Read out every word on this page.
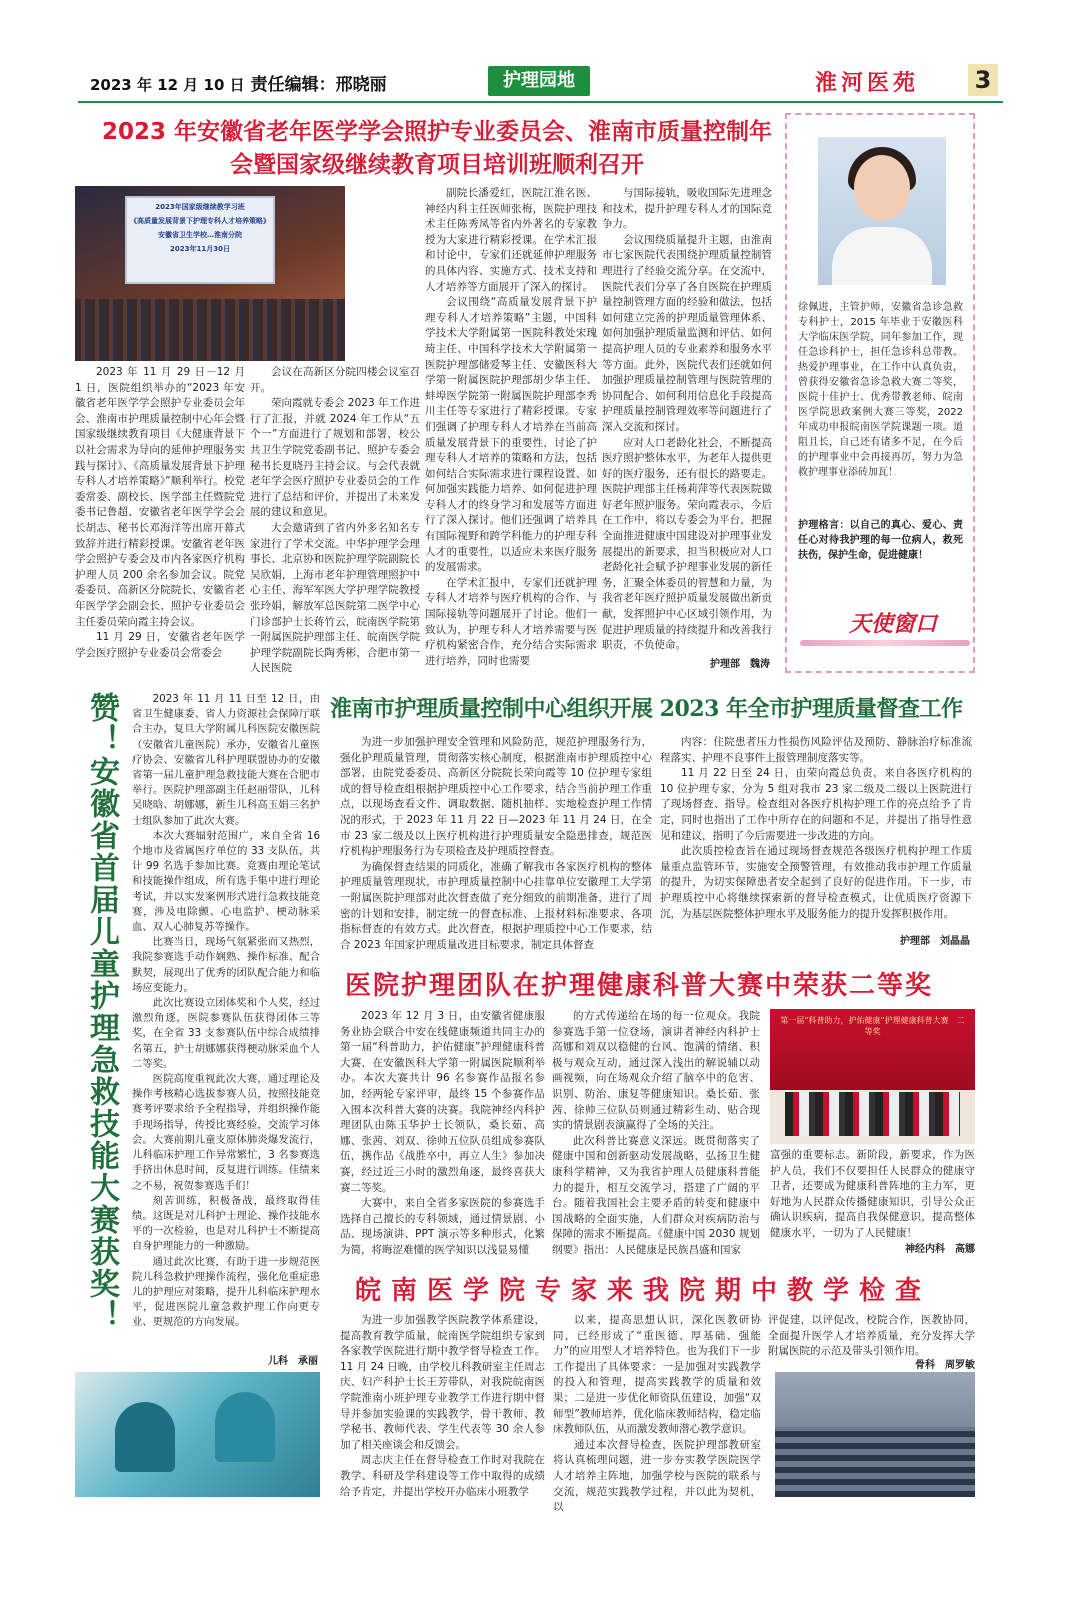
2023 年 12 月 10 日 责任编辑：邢晓丽	护理园地	淮河医苑 3
2023 年安徽省老年医学学会照护专业委员会、淮南市质量控制年会暨国家级继续教育项目培训班顺利召开
2023年国家级继续教学习班
《高质量发展背景下护理专科人才培养策略》
安徽省卫生学校…淮南分院
2023年11月30日
2023 年 11 月 29 日－12 月 1 日，医院组织举办的“2023 年安徽省老年医学学会照护专业委员会年会、淮南市护理质量控制中心年会暨国家级继续教育项目《大健康背景下以社会需求为导向的延伸护理服务实践与探讨》、《高质量发展背景下护理专科人才培养策略》”顺利举行。校党委常委、副校长、医学部主任暨院党委书记鲁超、安徽省老年医学学会会长胡志、秘书长邓海洋等出席开幕式致辞并进行精彩授课。安徽省老年医学会照护专委会及市内各家医疗机构护理人员 200 余名参加会议。院党委委员、高新区分院院长、安徽省老年医学学会副会长、照护专业委员会主任委员荣向霞主持会议。
11 月 29 日，安徽省老年医学学会医疗照护专业委员会常委会
会议在高新区分院四楼会议室召开。
荣向霞就专委会 2023 年工作进行了汇报，并就 2024 年工作从“五个一”方面进行了规划和部署，校公共卫生学院党委副书记、照护专委会秘书长夏晓丹主持会议。与会代表就老年学会医疗照护专业委员会的工作进行了总结和评价，并提出了未来发展的建议和意见。
大会邀请到了省内外多名知名专家进行了学术交流。中华护理学会理事长、北京协和医院护理学院副院长吴欣娟，上海市老年护理管理照护中心主任、海军军医大学护理学院教授张玲娟，解放军总医院第二医学中心门诊部护士长蒋竹云，皖南医学院第一附属医院护理部主任、皖南医学院护理学院副院长陶秀彬，合肥市第一人民医院
副院长潘爱红，医院江淮名医、神经内科主任医师张梅，医院护理技术主任陈秀凤等省内外著名的专家教授为大家进行精彩授课。在学术汇报和讨论中，专家们还就延伸护理服务的具体内容、实施方式、技术支持和人才培养等方面展开了深入的探讨。
会议围绕“高质量发展背景下护理专科人才培养策略”主题，中国科学技术大学附属第一医院科教处宋瑰琦主任、中国科学技术大学附属第一医院护理部储爱琴主任、安徽医科大学第一附属医院护理部胡少华主任、蚌埠医学院第一附属医院护理部李秀川主任等专家进行了精彩授课。专家们强调了护理专科人才培养在当前高质量发展背景下的重要性，讨论了护理专科人才培养的策略和方法，包括如何结合实际需求进行课程设置、如何加强实践能力培养、如何促进护理专科人才的终身学习和发展等方面进行了深入探讨。他们还强调了培养具有国际视野和跨学科能力的护理专科人才的重要性，以适应未来医疗服务的发展需求。
在学术汇报中，专家们还就护理专科人才培养与医疗机构的合作、与国际接轨等问题展开了讨论。他们一致认为，护理专科人才培养需要与医疗机构紧密合作，充分结合实际需求进行培养，同时也需要
与国际接轨，吸收国际先进理念和技术，提升护理专科人才的国际竞争力。
会议围绕质量提升主题，由淮南市七家医院代表围绕护理质量控制管理进行了经验交流分享。在交流中，医院代表们分享了各自医院在护理质量控制管理方面的经验和做法，包括如何建立完善的护理质量管理体系、如何加强护理质量监测和评估、如何提高护理人员的专业素养和服务水平等方面。此外，医院代表们还就如何加强护理质量控制管理与医院管理的协同配合、如何利用信息化手段提高护理质量控制管理效率等问题进行了深入交流和探讨。
应对人口老龄化社会，不断提高医疗照护整体水平，为老年人提供更好的医疗服务，还有很长的路要走。医院护理部主任杨莉萍等代表医院做好老年照护服务。荣向霞表示，今后在工作中，将以专委会为平台，把握全面推进健康中国建设对护理事业发展提出的新要求，担当积极应对人口老龄化社会赋予护理事业发展的新任务，汇聚全体委员的智慧和力量，为我省老年医疗照护质量发展做出新贡献，发挥照护中心区域引领作用，为促进护理质量的持续提升和改善我行职责，不负使命。
护理部　魏涛
徐佩进，主管护师，安徽省急诊急救专科护士，2015 年毕业于安徽医科大学临床医学院，同年参加工作，现任急诊科护士，担任急诊科总带教。热爱护理事业，在工作中认真负责，曾获得安徽省急诊急救大赛二等奖，医院十佳护士、优秀带教老师、皖南医学院思政案例大赛三等奖，2022 年成功申报皖南医学院课题一项。道阻且长，自己还有诸多不足，在今后的护理事业中会再接再厉，努力为急救护理事业添砖加瓦！
护理格言：以自己的真心、爱心、责任心对待我护理的每一位病人，救死扶伤，保护生命，促进健康！
天使窗口
赞！安徽省首届儿童护理急救技能大赛获奖！	2023 年 11 月 11 日至 12 日，由省卫生健康委、省人力资源社会保障厅联合主办，复旦大学附属儿科医院安徽医院（安徽省儿童医院）承办，安徽省儿童医疗协会、安徽省儿科护理联盟协办的安徽省第一届儿童护理急救技能大赛在合肥市举行。医院护理部副主任赵丽带队，儿科吴晓晗、胡娜娜，新生儿科高玉娟三名护士组队参加了此次大赛。
本次大赛辐射范围广，来自全省 16 个地市及省属医疗单位的 33 支队伍，共计 99 名选手参加比赛。竞赛由理论笔试和技能操作组成，所有选手集中进行理论考试，并以实发案例形式进行急救技能竞赛，涉及电除颤、心电监护、梗动脉采血、双人心肺复苏等操作。
比赛当日，现场气氛紧张而又热烈，我院参赛选手动作娴熟、操作标准、配合默契，展现出了优秀的团队配合能力和临场应变能力。
此次比赛设立团体奖和个人奖，经过激烈角逐，医院参赛队伍获得团体三等奖，在全省 33 支参赛队伍中综合成绩排名第五，护士胡娜娜获得梗动脉采血个人二等奖。
医院高度重视此次大赛，通过理论及操作考核精心选拔参赛人员，按照技能竞赛考评要求给予全程指导，并组织操作能手现场指导，传授比赛经验，交流学习体会。大赛前期儿童支原体肺炎爆发流行，儿科临床护理工作异常繁忙，3 名参赛选手挤出休息时间，反复进行训练。佳绩来之不易，祝贺参赛选手们！
刻苦训练，积极备战，最终取得佳绩。这既是对儿科护士理论、操作技能水平的一次检验，也是对儿科护士不断提高自身护理能力的一种激励。
通过此次比赛，有助于进一步规范医院儿科急救护理操作流程，强化危重症患儿的护理应对策略，提升儿科临床护理水平，促进医院儿童急救护理工作向更专业、更规范的方向发展。
儿科　承丽
淮南市护理质量控制中心组织开展 2023 年全市护理质量督查工作
为进一步加强护理安全管理和风险防范，规范护理服务行为，强化护理质量管理，贯彻落实核心制度，根据淮南市护理质控中心部署，由院党委委员、高新区分院院长荣向霞等 10 位护理专家组成的督导检查组根据护理质控中心工作要求，结合当前护理工作重点，以现场查看文件、调取数据、随机抽样、实地检查护理工作情况的形式，于 2023 年 11 月 22 日—2023 年 11 月 24 日，在全市 23 家二级及以上医疗机构进行护理质量安全隐患排查，规范医疗机构护理服务行为专项检查及护理质控督查。
为确保督查结果的同质化，准确了解我市各家医疗机构的整体护理质量管理现状，市护理质量控制中心挂靠单位安徽理工大学第一附属医院护理部对此次督查做了充分细致的前期准备，进行了周密的计划和安排，制定统一的督查标准、上报材料标准要求、各项指标督查的有效方式。此次督查，根据护理质控中心工作要求，结合 2023 年国家护理质量改进目标要求，制定具体督查
内容：住院患者压力性损伤风险评估及预防、静脉治疗标准流程落实、护理不良事件上报管理制度落实等。
11 月 22 日至 24 日，由荣向霞总负责，来自各医疗机构的 10 位护理专家，分为 5 组对我市 23 家二级及二级以上医院进行了现场督查、指导。检查组对各医疗机构护理工作的亮点给予了肯定，同时也指出了工作中所存在的问题和不足，并提出了指导性意见和建议，指明了今后需要进一步改进的方向。
此次质控检查旨在通过现场督查规范各级医疗机构护理工作质量重点监管环节，实施安全预警管理，有效推动我市护理工作质量的提升，为切实保障患者安全起到了良好的促进作用。下一步，市护理质控中心将继续探索新的督导检查模式，让优质医疗资源下沉，为基层医院整体护理水平及服务能力的提升发挥积极作用。
护理部　刘晶晶
医院护理团队在护理健康科普大赛中荣获二等奖
2023 年 12 月 3 日，由安徽省健康服务业协会联合中安在线健康频道共同主办的第一届“科普助力，护佑健康”护理健康科普大赛，在安徽医科大学第一附属医院顺利举办。本次大赛共计 96 名参赛作品报名参加，经两轮专家评审，最终 15 个参赛作品入围本次科普大赛的决赛。我院神经内科护理团队由陈玉华护士长领队，桑长茹、高娜、张茜、刘双、徐帅五位队员组成参赛队伍，携作品《战胜卒中，再立人生》参加决赛，经过近三小时的激烈角逐，最终喜获大赛二等奖。
大赛中，来自全省多家医院的参赛选手选择自己擅长的专科领域，通过情景剧、小品、现场演讲、PPT 演示等多种形式，化繁为简，将晦涩难懂的医学知识以浅显易懂
的方式传递给在场的每一位观众。我院参赛选手第一位登场，演讲者神经内科护士高娜和刘双以稳健的台风、饱满的情绪、积极与观众互动，通过深入浅出的解说辅以动画视频，向在场观众介绍了脑卒中的危害、识别、防治、康复等健康知识。桑长茹、张茜、徐帅三位队员则通过精彩生动、贴合现实的情景剧表演赢得了全场的关注。
此次科普比赛意义深远。既贯彻落实了健康中国和创新驱动发展战略，弘扬卫生健康科学精神，又为我省护理人员健康科普能力的提升，相互交流学习，搭建了广阔的平台。随着我国社会主要矛盾的转变和健康中国战略的全面实施，人们群众对疾病防治与保障的需求不断提高。《健康中国 2030 规划纲要》指出：人民健康是民族昌盛和国家
第一届“科普助力，护佑健康”护理健康科普大赛　二等奖
富强的重要标志。新阶段，新要求，作为医护人员，我们不仅要担任人民群众的健康守卫者，还要成为健康科普阵地的主力军，更好地为人民群众传播健康知识，引导公众正确认识疾病，提高自我保健意识，提高整体健康水平，一切为了人民健康！
神经内科　高娜
皖南医学院专家来我院期中教学检查
为进一步加强教学医院教学体系建设，提高教育教学质量，皖南医学院组织专家到各家教学医院进行期中教学督导检查工作。11 月 24 日晚，由学校儿科教研室主任周志庆、妇产科护士长王芳带队，对我院皖南医学院淮南小班护理专业教学工作进行期中督导并参加实验课的实践教学，骨干教师、教学秘书、教师代表、学生代表等 30 余人参加了相关座谈会和反馈会。
周志庆主任在督导检查工作时对我院在教学、科研及学科建设等工作中取得的成绩给予肯定，并提出学校开办临床小班教学
以来，提高思想认识，深化医教研协同，已经形成了“重医德、厚基础、强能力”的应用型人才培养特色。也为我们下一步工作提出了具体要求：一是加强对实践教学的投入和管理，提高实践教学的质量和效果；二是进一步优化师资队伍建设，加强“双师型”教师培养，优化临床教师结构，稳定临床教师队伍，从而激发教师潜心教学意识。
通过本次督导检查，医院护理部教研室将认真梳理问题，进一步夯实教学医院医学人才培养主阵地，加强学校与医院的联系与交流，规范实践教学过程，并以此为契机，以
评促建，以评促改，校院合作，医教协同，全面提升医学人才培养质量，充分发挥大学附属医院的示范及带头引领作用。
骨科　周罗敏
